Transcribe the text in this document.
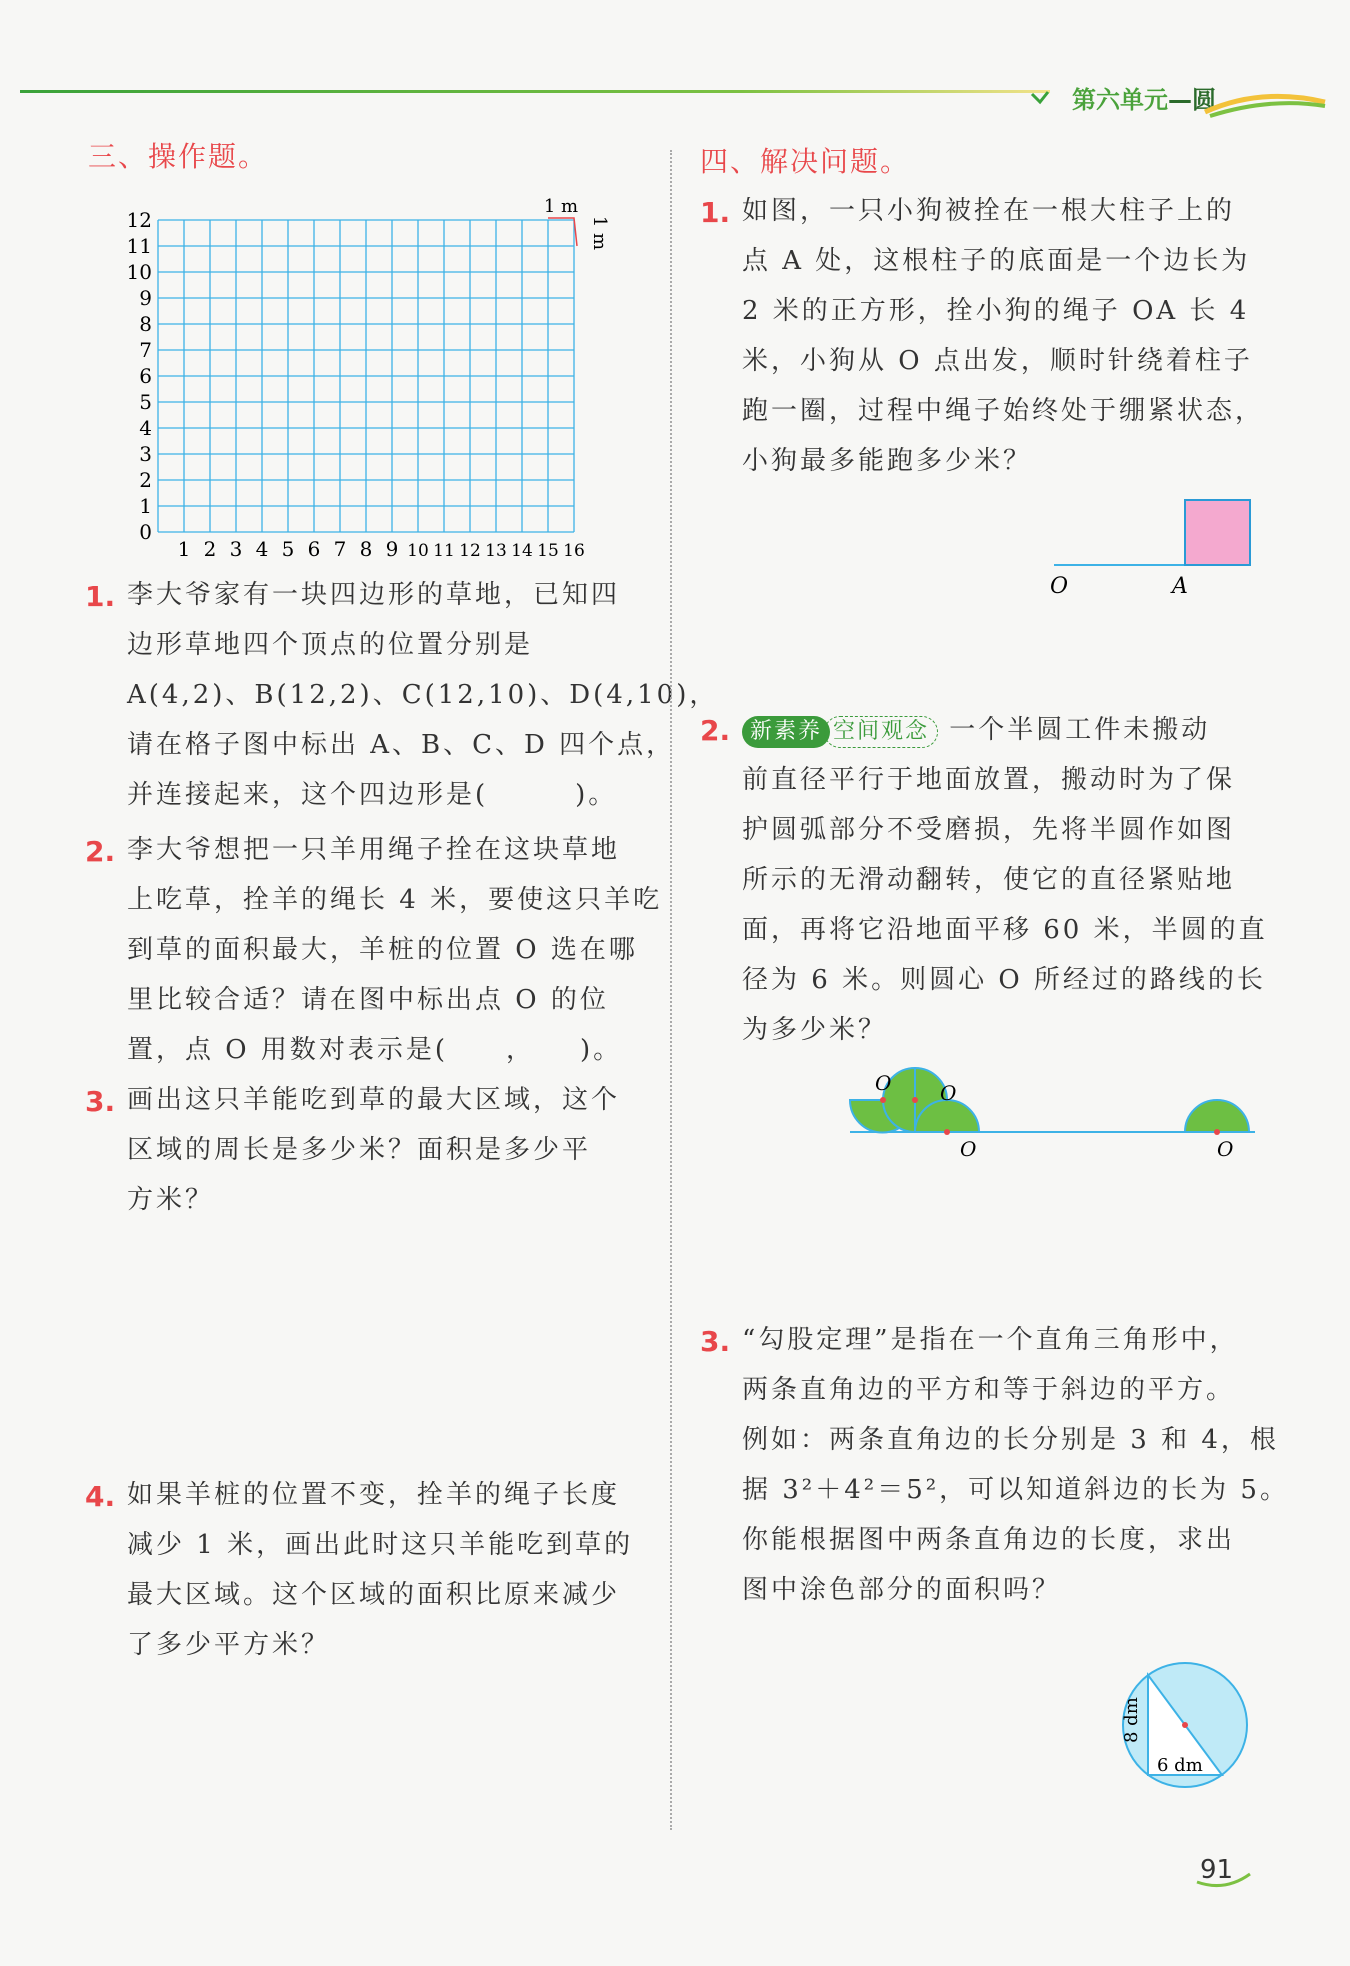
第六单元—圆
三、操作题。
12
11
10
9
8
7
6
5
4
3
2
1
0
1 2 3 4 5 6 7 8 9 10 11 12 13 14 15 16
1 m
1 m
1. 李大爷家有一块四边形的草地，已知四
边形草地四个顶点的位置分别是
A(4,2)、B(12,2)、C(12,10)、D(4,10)，
请在格子图中标出 A、B、C、D 四个点，
并连接起来，这个四边形是(　　　)。
2. 李大爷想把一只羊用绳子拴在这块草地
上吃草，拴羊的绳长 4 米，要使这只羊吃
到草的面积最大，羊桩的位置 O 选在哪
里比较合适？请在图中标出点 O 的位
置，点 O 用数对表示是(　　，　　)。
3. 画出这只羊能吃到草的最大区域，这个
区域的周长是多少米？面积是多少平
方米？
4. 如果羊桩的位置不变，拴羊的绳子长度
减少 1 米，画出此时这只羊能吃到草的
最大区域。这个区域的面积比原来减少
了多少平方米？
四、解决问题。
1. 如图，一只小狗被拴在一根大柱子上的
点 A 处，这根柱子的底面是一个边长为
2 米的正方形，拴小狗的绳子 OA 长 4
米，小狗从 O 点出发，顺时针绕着柱子
跑一圈，过程中绳子始终处于绷紧状态，
小狗最多能跑多少米？
O	A
2. 新素养 空间观念 一个半圆工件未搬动
前直径平行于地面放置，搬动时为了保
护圆弧部分不受磨损，先将半圆作如图
所示的无滑动翻转，使它的直径紧贴地
面，再将它沿地面平移 60 米，半圆的直
径为 6 米。则圆心 O 所经过的路线的长
为多少米？
O O
O	O
3. “勾股定理”是指在一个直角三角形中，
两条直角边的平方和等于斜边的平方。
例如：两条直角边的长分别是 3 和 4，根
据 3²＋4²＝5²，可以知道斜边的长为 5。
你能根据图中两条直角边的长度，求出
图中涂色部分的面积吗？
8 dm
6 dm
91
